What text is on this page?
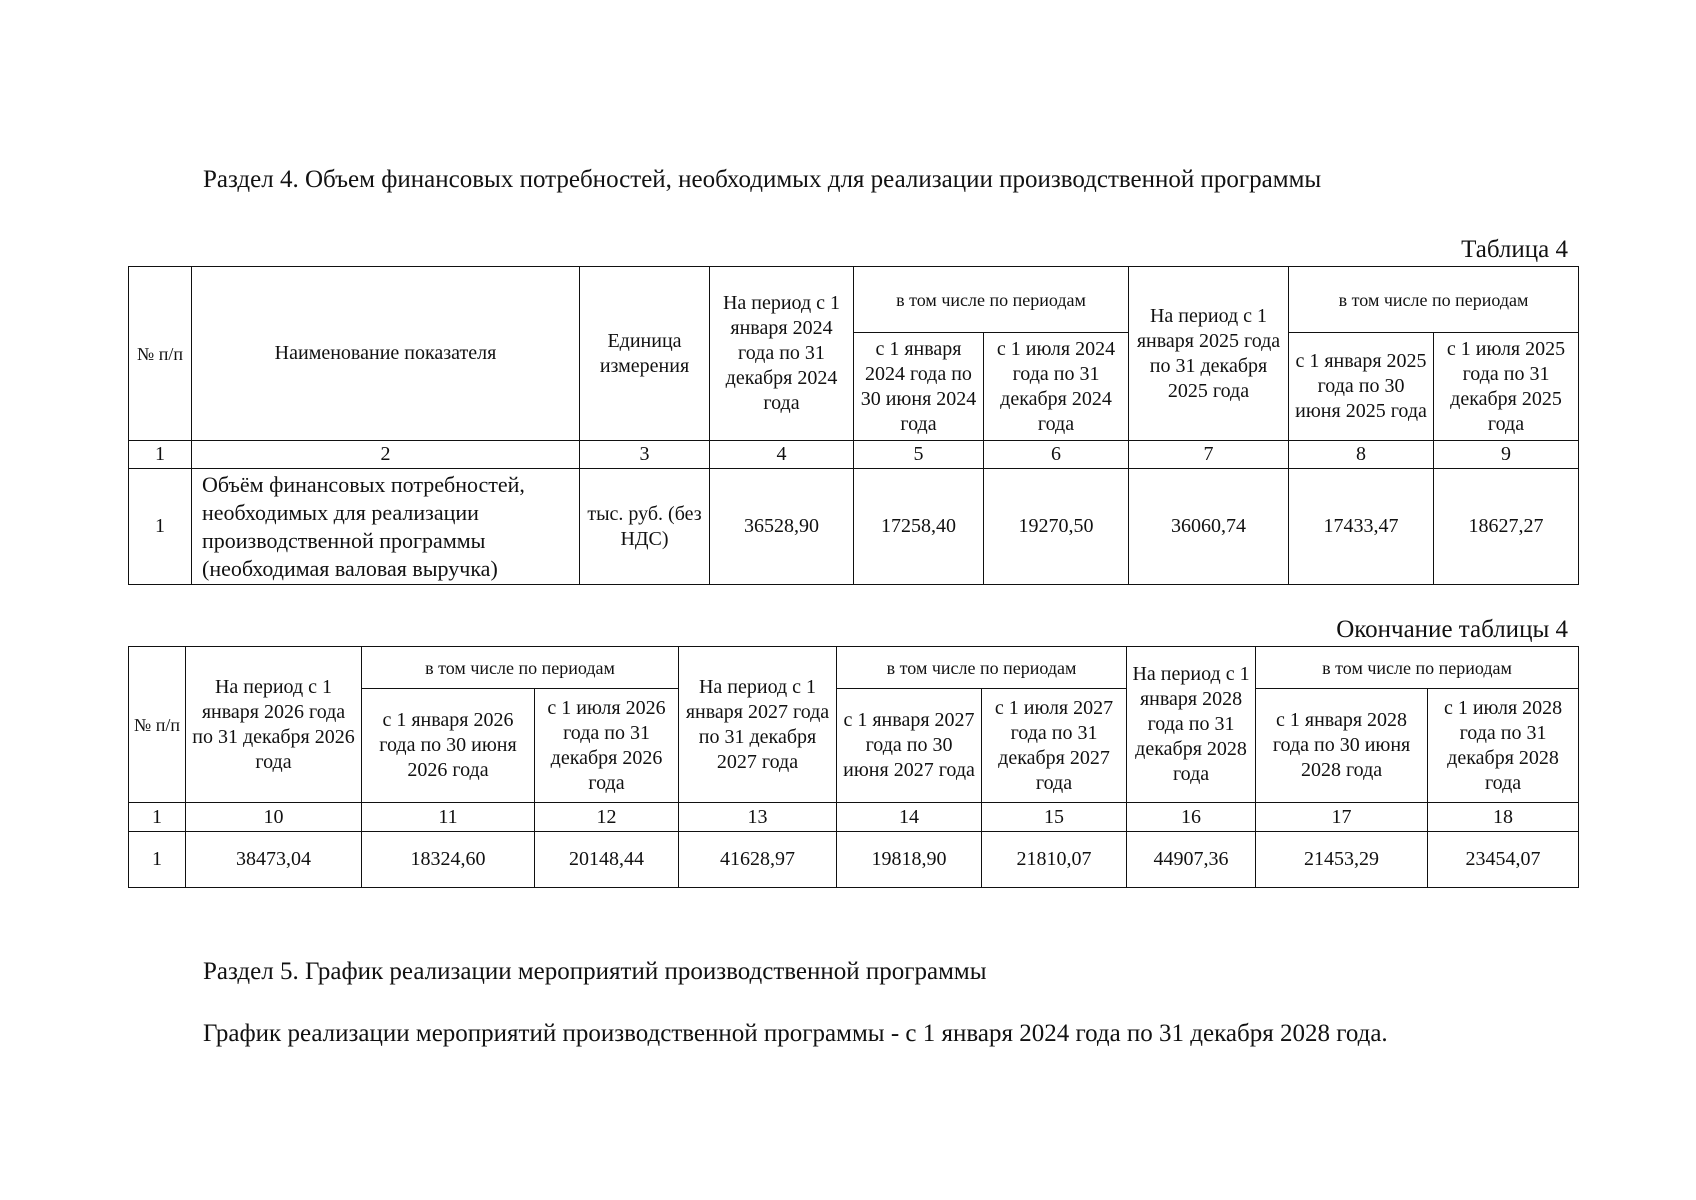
Раздел 4. Объем финансовых потребностей, необходимых для реализации производственной программы
Таблица 4
№ п/п	Наименование показателя	Единица измерения	На период с 1 января 2024 года по 31 декабря 2024 года	в том числе по периодам		На период с 1 января 2025 года по 31 декабря 2025 года	в том числе по периодам	
				с 1 января 2024 года по 30 июня 2024 года	с 1 июля 2024 года по 31 декабря 2024 года		с 1 января 2025 года по 30 июня 2025 года	с 1 июля 2025 года по 31 декабря 2025 года
1	2	3	4	5	6	7	8	9
1	Объём финансовых потребностей, необходимых для реализации производственной программы (необходимая валовая выручка)	тыс. руб. (без НДС)	36528,90	17258,40	19270,50	36060,74	17433,47	18627,27
Окончание таблицы 4
№ п/п	На период с 1 января 2026 года по 31 декабря 2026 года	в том числе по периодам		На период с 1 января 2027 года по 31 декабря 2027 года	в том числе по периодам		На период с 1 января 2028 года по 31 декабря 2028 года	в том числе по периодам	
		с 1 января 2026 года по 30 июня 2026 года	с 1 июля 2026 года по 31 декабря 2026 года		с 1 января 2027 года по 30 июня 2027 года	с 1 июля 2027 года по 31 декабря 2027 года		с 1 января 2028 года по 30 июня 2028 года	с 1 июля 2028 года по 31 декабря 2028 года
1	10	11	12	13	14	15	16	17	18
1	38473,04	18324,60	20148,44	41628,97	19818,90	21810,07	44907,36	21453,29	23454,07
Раздел 5. График реализации мероприятий производственной программы
График реализации мероприятий производственной программы - с 1 января 2024 года по 31 декабря 2028 года.
